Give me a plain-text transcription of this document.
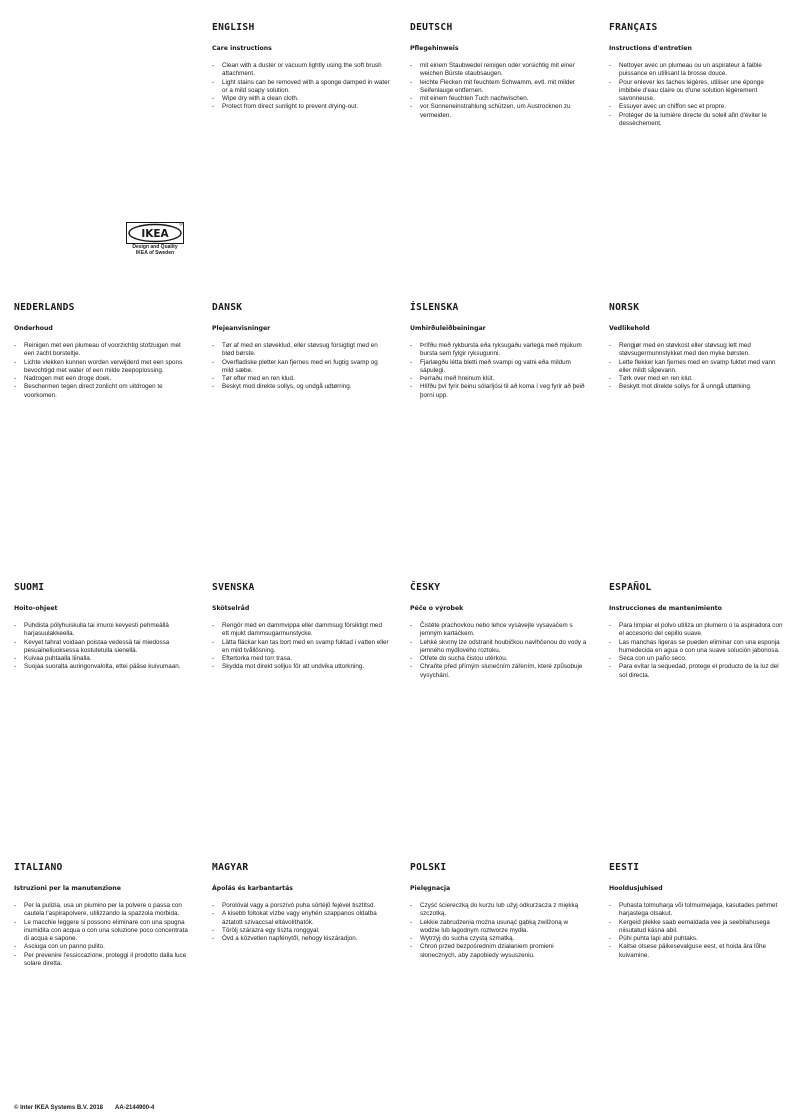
ENGLISH
Care instructions
- Clean with a duster or vacuum lightly using the soft brush attachment.
- Light stains can be removed with a sponge damped in water or a mild soapy solution.
- Wipe dry with a clean cloth.
- Protect from direct sunlight to prevent drying-out.
DEUTSCH
Pflegehinweis
- mit einem Staubwedel reinigen oder vorsichtig mit einer weichen Bürste staubsaugen.
- leichte Flecken mit feuchtem Schwamm, evtl. mit milder Seifenlauge entfernen.
- mit einem feuchten Tuch nachwischen.
- vor Sonneneinstrahlung schützen, um Austrocknen zu vermeiden.
FRANÇAIS
Instructions d'entretien
- Nettoyer avec un plumeau ou un aspirateur à faible puissance en utilisant la brosse douce.
- Pour enlever les taches légères, utiliser une éponge imbibée d'eau claire ou d'une solution légèrement savonneuse.
- Essuyer avec un chiffon sec et propre.
- Protéger de la lumière directe du soleil afin d'éviter le dessèchement.
IKEA
Design and Quality
IKEA of Sweden
NEDERLANDS
Onderhoud
- Reinigen met een plumeau of voorzichtig stofzuigen met een zacht borsteltje.
- Lichte vlekken kunnen worden verwijderd met een spons bevochtigd met water of een milde zeepoplossing.
- Nadrogen met een droge doek.
- Beschermen tegen direct zonlicht om uitdrogen te voorkomen.
DANSK
Plejeanvisninger
- Tør af med en støveklud, eller støvsug forsigtigt med en blød børste.
- Overfladiske pletter kan fjernes med en fugtig svamp og mild sæbe.
- Tør efter med en ren klud.
- Beskyt mod direkte sollys, og undgå udtørring.
ÍSLENSKA
Umhirðuleiðbeiningar
- Þrífðu með rykbursta eða ryksugaðu varlega með mjúkum bursta sem fylgir ryksugunni.
- Fjarlægðu létta bletti með svampi og vatni eða mildum sápulegi.
- Þerraðu með hreinum klút.
- Hlífðu því fyrir beinu sólarljósi til að koma í veg fyrir að þeið þorni upp.
NORSK
Vedlikehold
- Rengjør med en støvkost eller støvsug lett med støvsugermunnstykket med den myke børsten.
- Lette flekker kan fjernes med en svamp fuktet med vann eller mildt såpevann.
- Tørk over med en ren klut.
- Beskytt mot direkte sollys for å unngå uttørking.
SUOMI
Hoito-ohjeet
- Puhdista pölyhuiskulla tai imuroi kevyesti pehmeällä harjasuulakkeella.
- Kevyet tahrat voidaan poistaa vedessä tai miedossa pesuaineliuoksessa kostutetulla sienellä.
- Kuivaa puhtaalla liinalla.
- Suojaa suoralta auringonvalolta, ettei pääse kuivumaan.
SVENSKA
Skötselråd
- Rengör med en dammvippa eller dammsug försiktigt med ett mjukt dammsugarmunstycke.
- Lätta fläckar kan tas bort med en svamp fuktad i vatten eller en mild tvållösning.
- Eftertorka med torr trasa.
- Skydda mot direkt solljus för att undvika uttorkning.
ČESKY
Péče o výrobek
- Čistěte prachovkou nebo lehce vysávejte vysavačem s jemným kartáčkem.
- Lehké skvrny lze odstranit houbičkou navlhčenou do vody a jemného mýdlového roztoku.
- Otřete do sucha čistou utěrkou.
- Chraňte před přímým slunečním zářením, které způsobuje vysychání.
ESPAÑOL
Instrucciones de mantenimiento
- Para limpiar el polvo utiliza un plumero o la aspiradora con el accesorio del cepillo suave.
- Las manchas ligeras se pueden eliminar con una esponja humedecida en agua o con una suave solución jabonosa.
- Seca con un paño seco.
- Para evitar la sequedad, protege el producto de la luz del sol directa.
ITALIANO
Istruzioni per la manutenzione
- Per la pulizia, usa un piumino per la polvere o passa con cautela l'aspirapolvere, utilizzando la spazzola morbida.
- Le macchie leggere si possono eliminare con una spugna inumidita con acqua o con una soluzione poco concentrata di acqua e sapone.
- Asciuga con un panno pulito.
- Per prevenire l'essiccazione, proteggi il prodotto dalla luce solare diretta.
MAGYAR
Ápolás és karbantartás
- Porolóval vagy a porszívó puha sörtéjű fejével tisztítsd.
- A kisebb foltokat vízbe vagy enyhén szappanos oldatba áztatott szivaccsal eltávolíthatók.
- Törölj szárazra egy tiszta ronggyal.
- Óvd a közvetlen napfénytől, nehogy kiszáradjon.
POLSKI
Pielęgnacja
- Czyść ściereczką do kurzu lub użyj odkurzacza z miękką szczotką.
- Lekkie zabrudzenia można usunąć gąbką zwilżoną w wodzie lub łagodnym roztworze mydła.
- Wytrzyj do sucha czystą szmatką.
- Chroń przed bezpośrednim działaniem promieni słonecznych, aby zapobiedy wysuszeniu.
EESTI
Hooldusjuhised
- Puhasta tolmuharja või tolmuimejaga, kasutades pehmet harjastega otsakut.
- Kergeid plekke saab eemaldada vee ja seebilahusega niisutatud käsna abil.
- Pühi puhta lapi abil puhtaks.
- Kaitse otsese päikesevalguse eest, et hoida ära lõhe kuivamine.
© Inter IKEA Systems B.V. 2018 AA-2144900-4
